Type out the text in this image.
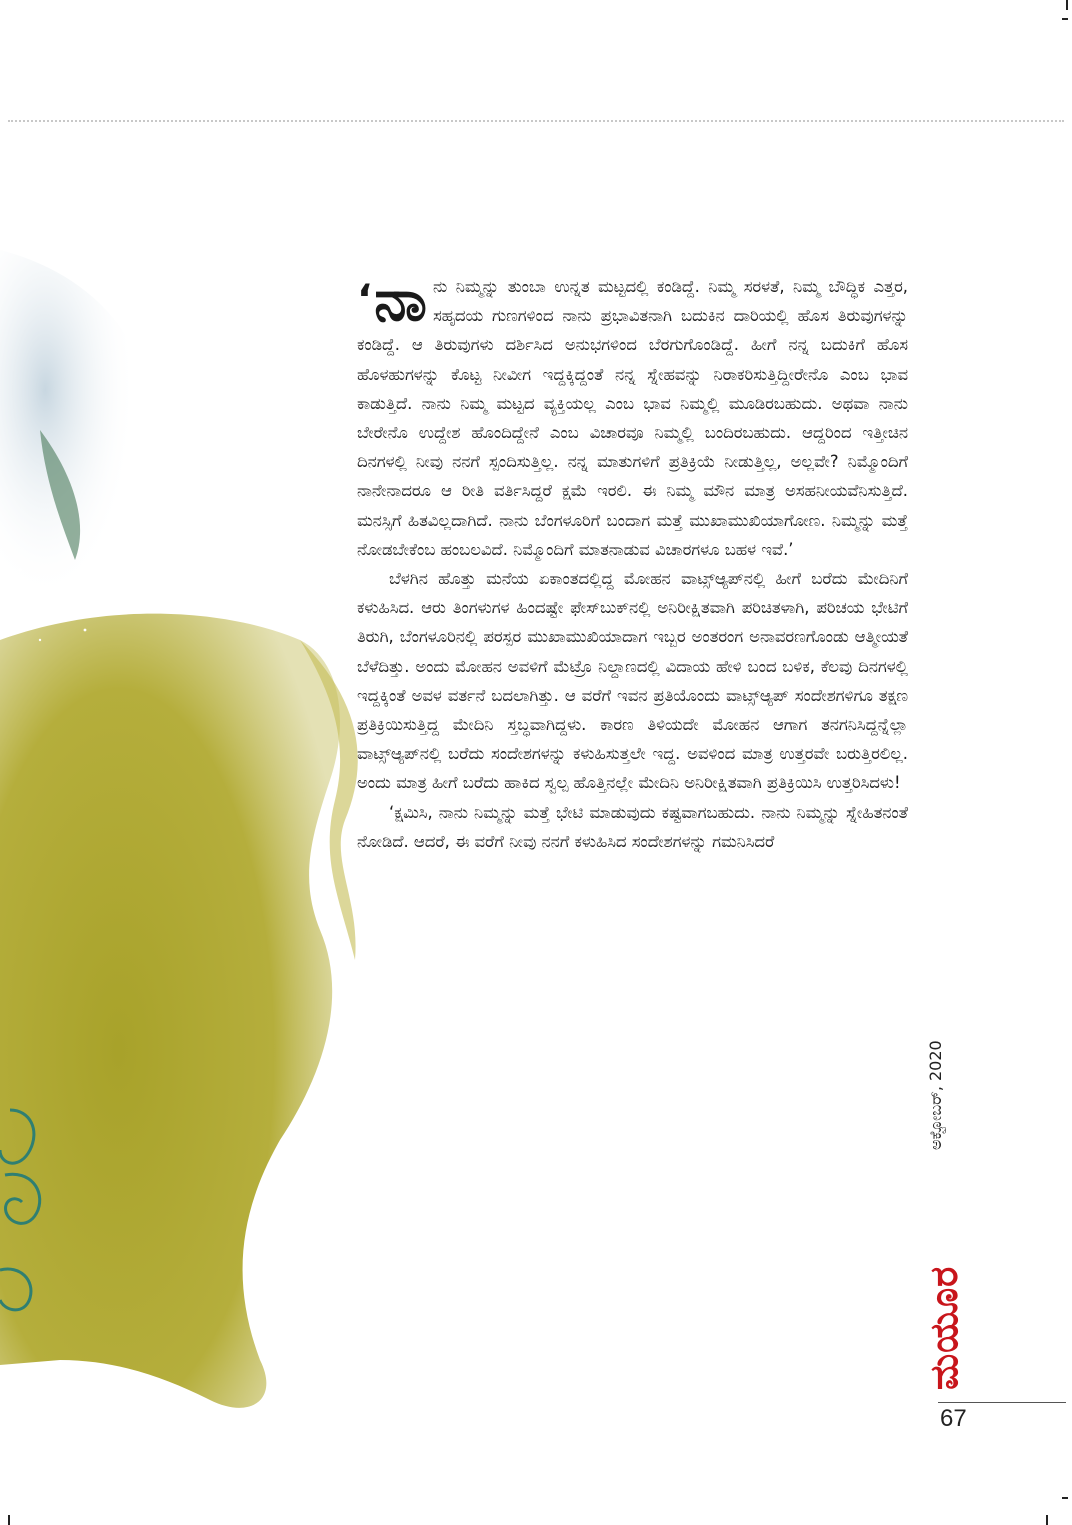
‘ನಾ ನು ನಿಮ್ಮನ್ನು ತುಂಬಾ ಉನ್ನತ ಮಟ್ಟದಲ್ಲಿ ಕಂಡಿದ್ದೆ. ನಿಮ್ಮ ಸರಳತೆ, ನಿಮ್ಮ ಬೌದ್ಧಿಕ ಎತ್ತರ, ಸಹೃದಯ ಗುಣಗಳಿಂದ ನಾನು ಪ್ರಭಾವಿತನಾಗಿ ಬದುಕಿನ ದಾರಿಯಲ್ಲಿ ಹೊಸ ತಿರುವುಗಳನ್ನು ಕಂಡಿದ್ದೆ. ಆ ತಿರುವುಗಳು ದರ್ಶಿಸಿದ ಅನುಭಗಳಿಂದ ಬೆರಗುಗೊಂಡಿದ್ದೆ. ಹೀಗೆ ನನ್ನ ಬದುಕಿಗೆ ಹೊಸ ಹೊಳಹುಗಳನ್ನು ಕೊಟ್ಟ ನೀವೀಗ ಇದ್ದಕ್ಕಿದ್ದಂತೆ ನನ್ನ ಸ್ನೇಹವನ್ನು ನಿರಾಕರಿಸುತ್ತಿದ್ದೀರೇನೊ ಎಂಬ ಭಾವ ಕಾಡುತ್ತಿದೆ. ನಾನು ನಿಮ್ಮ ಮಟ್ಟದ ವ್ಯಕ್ತಿಯಲ್ಲ ಎಂಬ ಭಾವ ನಿಮ್ಮಲ್ಲಿ ಮೂಡಿರಬಹುದು. ಅಥವಾ ನಾನು ಬೇರೇನೊ ಉದ್ದೇಶ ಹೊಂದಿದ್ದೇನೆ ಎಂಬ ವಿಚಾರವೂ ನಿಮ್ಮಲ್ಲಿ ಬಂದಿರಬಹುದು. ಆದ್ದರಿಂದ ಇತ್ತೀಚಿನ ದಿನಗಳಲ್ಲಿ ನೀವು ನನಗೆ ಸ್ಪಂದಿಸುತ್ತಿಲ್ಲ. ನನ್ನ ಮಾತುಗಳಿಗೆ ಪ್ರತಿಕ್ರಿಯೆ ನೀಡುತ್ತಿಲ್ಲ, ಅಲ್ಲವೇ? ನಿಮ್ಮೊಂದಿಗೆ ನಾನೇನಾದರೂ ಆ ರೀತಿ ವರ್ತಿಸಿದ್ದರೆ ಕ್ಷಮೆ ಇರಲಿ. ಈ ನಿಮ್ಮ ಮೌನ ಮಾತ್ರ ಅಸಹನೀಯವೆನಿಸುತ್ತಿದೆ. ಮನಸ್ಸಿಗೆ ಹಿತವಿಲ್ಲದಾಗಿದೆ. ನಾನು ಬೆಂಗಳೂರಿಗೆ ಬಂದಾಗ ಮತ್ತೆ ಮುಖಾಮುಖಿಯಾಗೋಣ. ನಿಮ್ಮನ್ನು ಮತ್ತೆ ನೋಡಬೇಕೆಂಬ ಹಂಬಲವಿದೆ. ನಿಮ್ಮೊಂದಿಗೆ ಮಾತನಾಡುವ ವಿಚಾರಗಳೂ ಬಹಳ ಇವೆ.’

ಬೆಳಗಿನ ಹೊತ್ತು ಮನೆಯ ಏಕಾಂತದಲ್ಲಿದ್ದ ಮೋಹನ ವಾಟ್ಸ್‌ಆ್ಯಪ್‌ನಲ್ಲಿ ಹೀಗೆ ಬರೆದು ಮೇದಿನಿಗೆ ಕಳುಹಿಸಿದ. ಆರು ತಿಂಗಳುಗಳ ಹಿಂದಷ್ಟೇ ಫೇಸ್‌ಬುಕ್‌ನಲ್ಲಿ ಅನಿರೀಕ್ಷಿತವಾಗಿ ಪರಿಚಿತಳಾಗಿ, ಪರಿಚಯ ಭೇಟಿಗೆ ತಿರುಗಿ, ಬೆಂಗಳೂರಿನಲ್ಲಿ ಪರಸ್ಪರ ಮುಖಾಮುಖಿಯಾದಾಗ ಇಬ್ಬರ ಅಂತರಂಗ ಅನಾವರಣಗೊಂಡು ಆತ್ಮೀಯತೆ ಬೆಳೆದಿತ್ತು. ಅಂದು ಮೋಹನ ಅವಳಿಗೆ ಮೆಟ್ರೊ ನಿಲ್ದಾಣದಲ್ಲಿ ವಿದಾಯ ಹೇಳಿ ಬಂದ ಬಳಿಕ, ಕೆಲವು ದಿನಗಳಲ್ಲಿ ಇದ್ದಕ್ಕಿಂತೆ ಅವಳ ವರ್ತನೆ ಬದಲಾಗಿತ್ತು. ಆ ವರೆಗೆ ಇವನ ಪ್ರತಿಯೊಂದು ವಾಟ್ಸ್‌ಆ್ಯಪ್ ಸಂದೇಶಗಳಿಗೂ ತಕ್ಷಣ ಪ್ರತಿಕ್ರಿಯಿಸುತ್ತಿದ್ದ ಮೇದಿನಿ ಸ್ತಬ್ಧವಾಗಿದ್ದಳು. ಕಾರಣ ತಿಳಿಯದೇ ಮೋಹನ ಆಗಾಗ ತನಗನಿಸಿದ್ದನ್ನೆಲ್ಲಾ ವಾಟ್ಸ್‌ಆ್ಯಪ್‌ನಲ್ಲಿ ಬರೆದು ಸಂದೇಶಗಳನ್ನು ಕಳುಹಿಸುತ್ತಲೇ ಇದ್ದ. ಅವಳಿಂದ ಮಾತ್ರ ಉತ್ತರವೇ ಬರುತ್ತಿರಲಿಲ್ಲ. ಅಂದು ಮಾತ್ರ ಹೀಗೆ ಬರೆದು ಹಾಕಿದ ಸ್ವಲ್ಪ ಹೊತ್ತಿನಲ್ಲೇ ಮೇದಿನಿ ಅನಿರೀಕ್ಷಿತವಾಗಿ ಪ್ರತಿಕ್ರಿಯಿಸಿ ಉತ್ತರಿಸಿದಳು!

‘ಕ್ಷಮಿಸಿ, ನಾನು ನಿಮ್ಮನ್ನು ಮತ್ತೆ ಭೇಟಿ ಮಾಡುವುದು ಕಷ್ಟವಾಗಬಹುದು. ನಾನು ನಿಮ್ಮನ್ನು ಸ್ನೇಹಿತನಂತೆ ನೋಡಿದೆ. ಆದರೆ, ಈ ವರೆಗೆ ನೀವು ನನಗೆ ಕಳುಹಿಸಿದ ಸಂದೇಶಗಳನ್ನು ಗಮನಿಸಿದರೆ

ಅಕ್ಟೋಬರ್, 2020
ಮಯೂರ
67
